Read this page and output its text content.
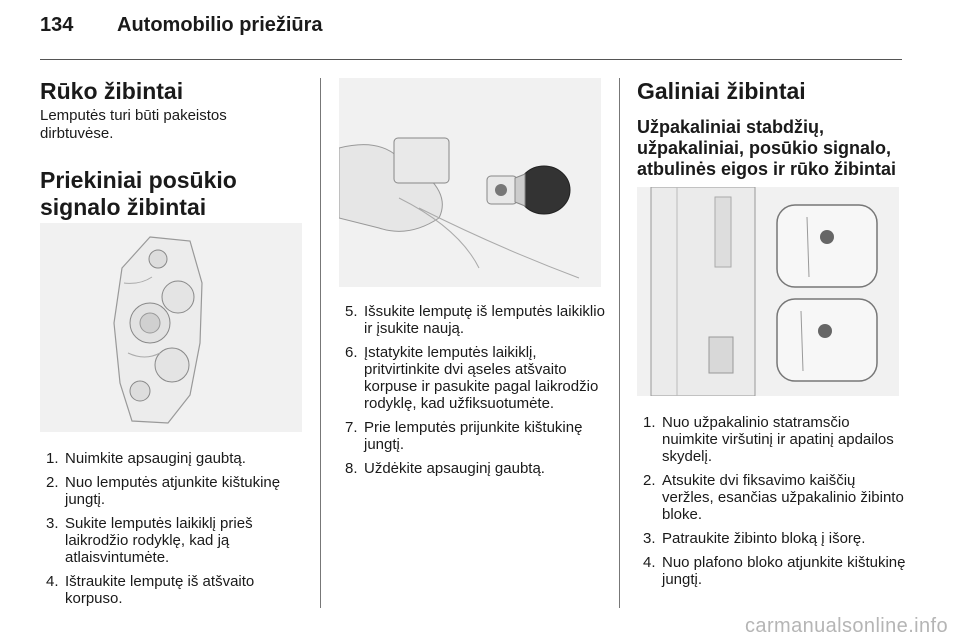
134 Automobilio priežiūra
Rūko žibintai

Lemputės turi būti pakeistos dirbtuvėse.

Priekiniai posūkio signalo žibintai
1. Nuimkite apsauginį gaubtą.
2. Nuo lemputės atjunkite kištukinę jungtį.
3. Sukite lemputės laikiklį prieš laikrodžio rodyklę, kad ją atlaisvintumėte.
4. Ištraukite lemputę iš atšvaito korpuso.
5. Išsukite lemputę iš lemputės laikiklio ir įsukite naują.
6. Įstatykite lemputės laikiklį, pritvirtinkite dvi ąseles atšvaito korpuse ir pasukite pagal laikrodžio rodyklę, kad užfiksuotumėte.
7. Prie lemputės prijunkite kištukinę jungtį.
8. Uždėkite apsauginį gaubtą.
Galiniai žibintai
Užpakaliniai stabdžių, užpakaliniai, posūkio signalo, atbulinės eigos ir rūko žibintai
1. Nuo užpakalinio statramsčio nuimkite viršutinį ir apatinį apdailos skydelį.
2. Atsukite dvi fiksavimo kaiščių veržles, esančias užpakalinio žibinto bloke.
3. Patraukite žibinto bloką į išorę.
4. Nuo plafono bloko atjunkite kištukinę jungtį.
carmanualsonline.info
